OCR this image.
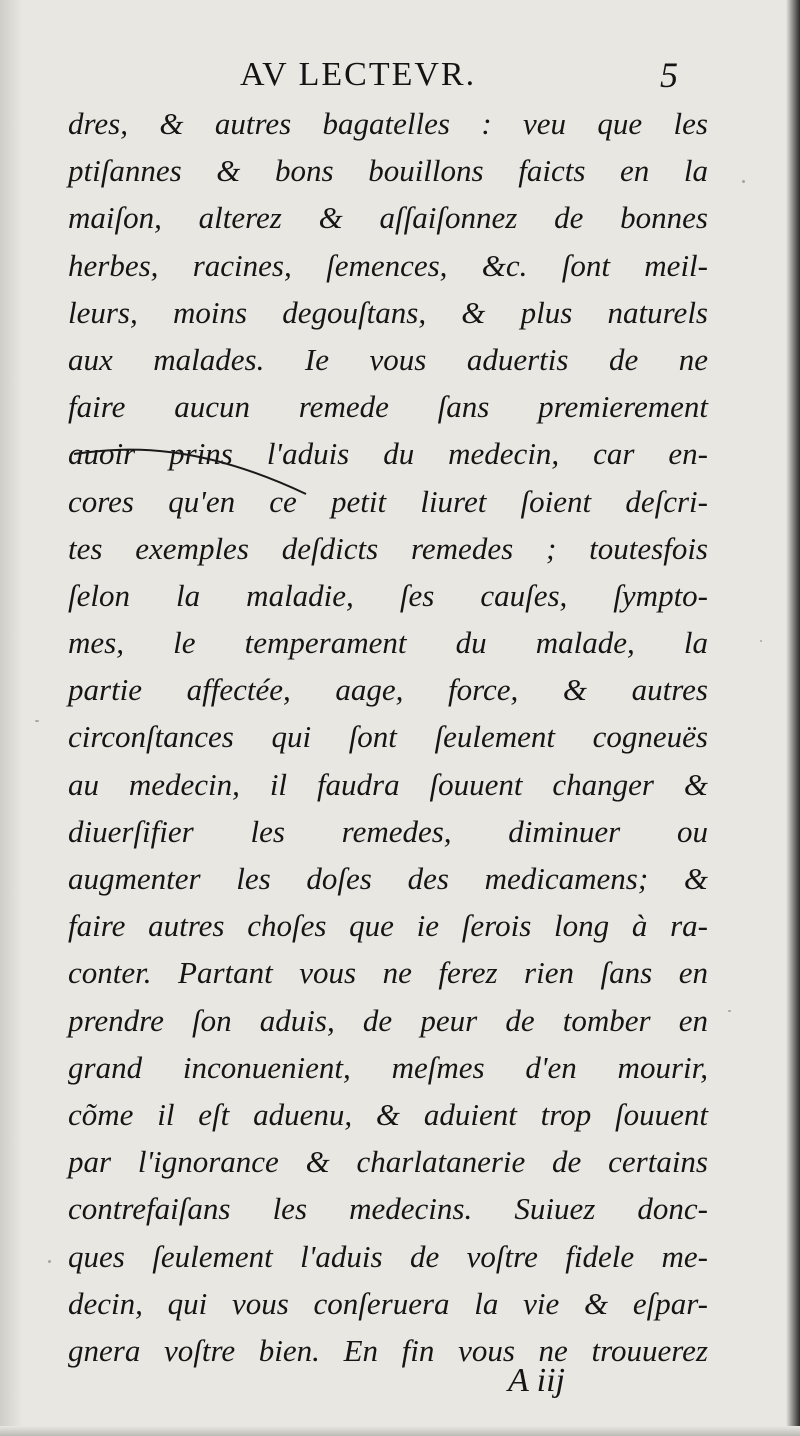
AV LECTEVR.	5
dres, & autres bagatelles : veu que les
ptiſannes & bons bouillons faicts en la
maiſon, alterez & aſſaiſonnez de bonnes
herbes, racines, ſemences, &c. ſont meil-
leurs, moins degouſtans, & plus naturels
aux malades. Ie vous aduertis de ne
faire aucun remede ſans premierement
auoir prins l'aduis du medecin, car en-
cores qu'en ce petit liuret ſoient deſcri-
tes exemples deſdicts remedes ; toutesfois
ſelon la maladie, ſes cauſes, ſympto-
mes, le temperament du malade, la
partie affectée, aage, force, & autres
circonſtances qui ſont ſeulement cogneuës
au medecin, il faudra ſouuent changer &
diuerſifier les remedes, diminuer ou
augmenter les doſes des medicamens; &
faire autres choſes que ie ſerois long à ra-
conter. Partant vous ne ferez rien ſans en
prendre ſon aduis, de peur de tomber en
grand inconuenient, meſmes d'en mourir,
cõme il eſt aduenu, & aduient trop ſouuent
par l'ignorance & charlatanerie de certains
contrefaiſans les medecins. Suiuez donc-
ques ſeulement l'aduis de voſtre fidele me-
decin, qui vous conſeruera la vie & eſpar-
gnera voſtre bien. En fin vous ne trouuerez
A iij
